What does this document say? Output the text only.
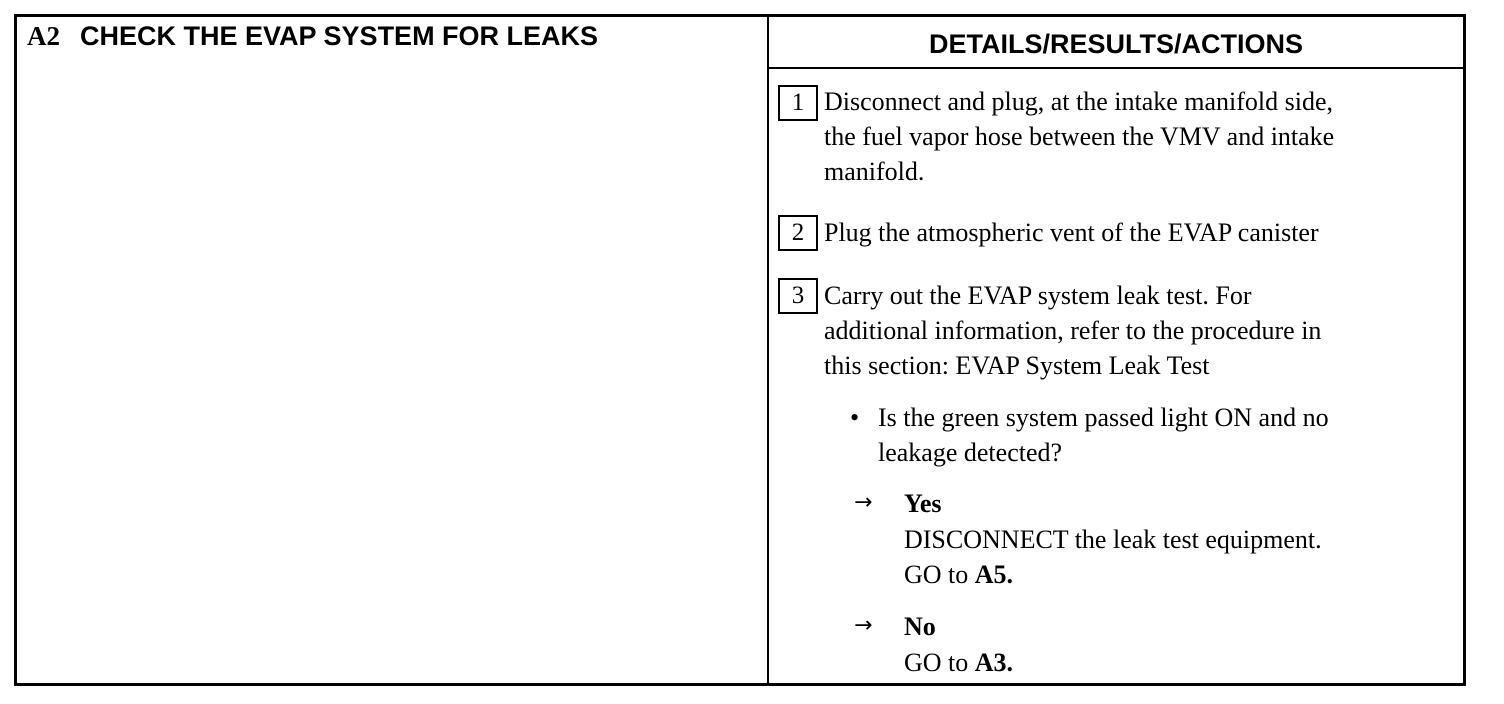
A2 CHECK THE EVAP SYSTEM FOR LEAKS	DETAILS/RESULTS/ACTIONS
1 Disconnect and plug, at the intake manifold side,
the fuel vapor hose between the VMV and intake
manifold.
2 Plug the atmospheric vent of the EVAP canister
3 Carry out the EVAP system leak test. For
additional information, refer to the procedure in
this section: EVAP System Leak Test
• Is the green system passed light ON and no
leakage detected?
→ Yes
DISCONNECT the leak test equipment.
GO to A5.
→ No
GO to A3.
